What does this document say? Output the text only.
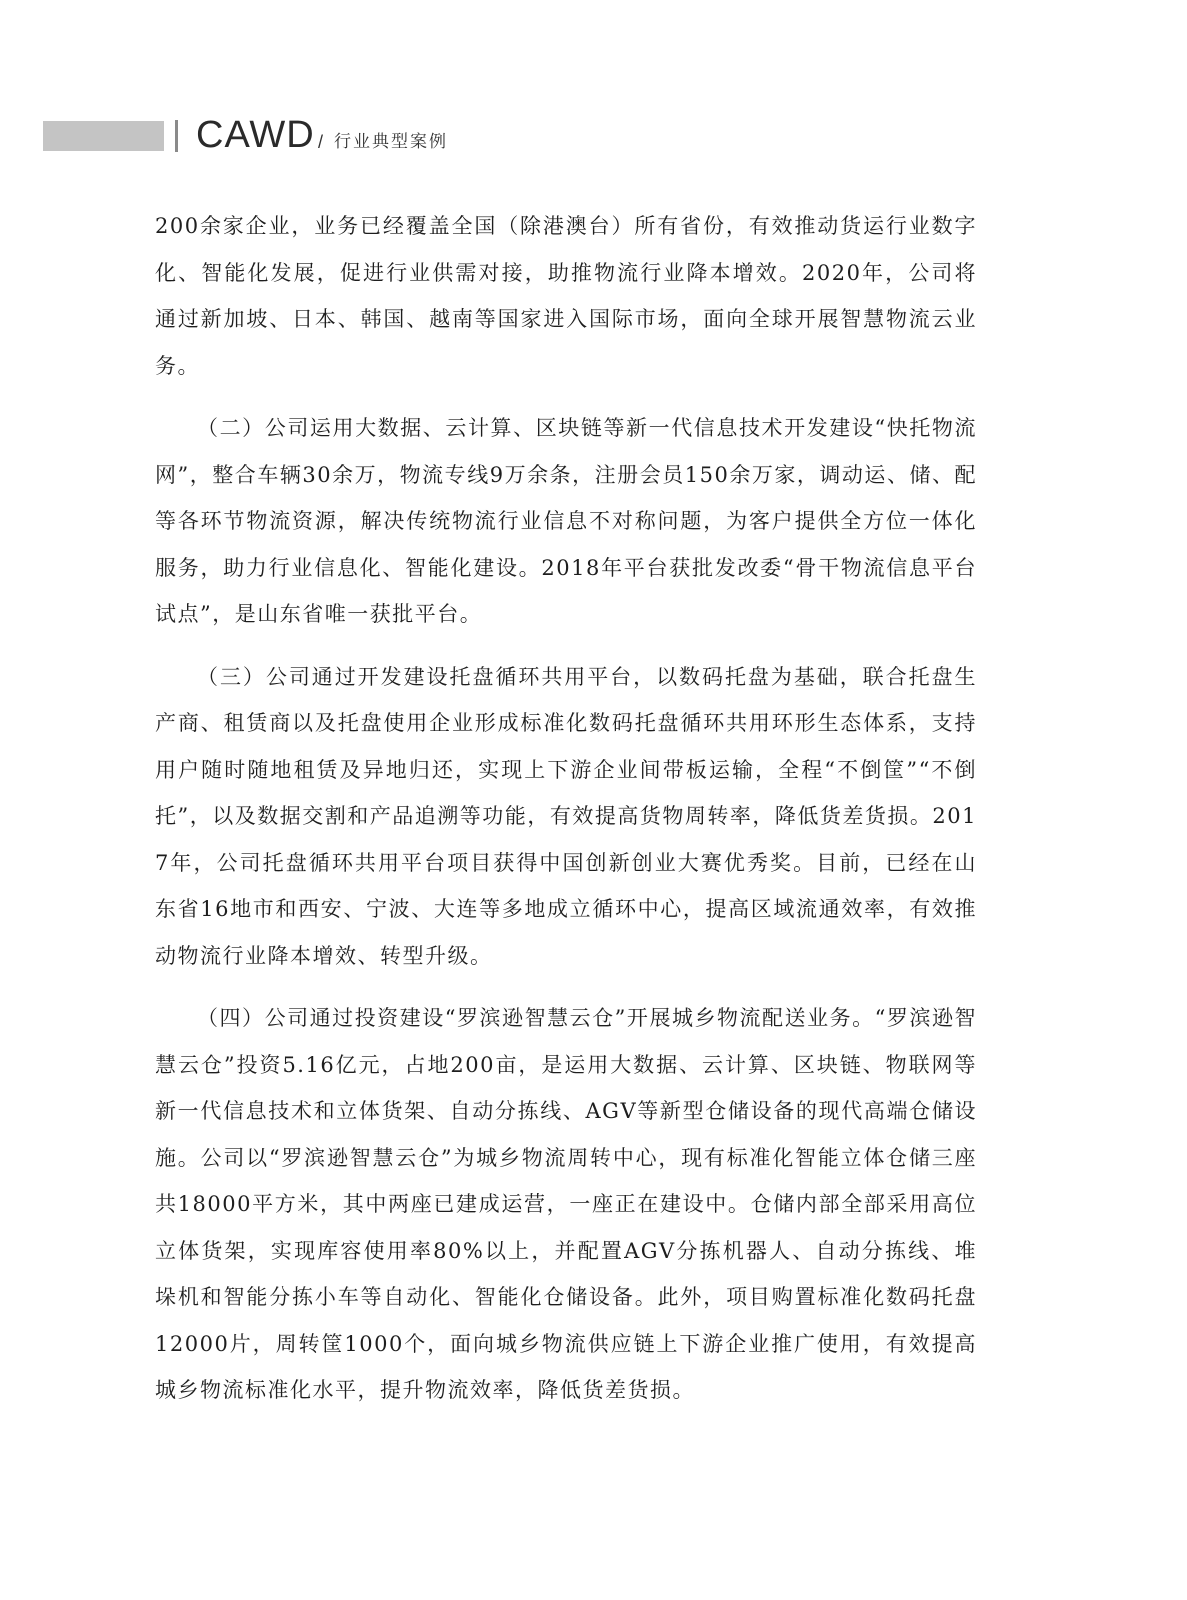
CAWD / 行业典型案例

200余家企业，业务已经覆盖全国（除港澳台）所有省份，有效推动货运行业数字化、智能化发展，促进行业供需对接，助推物流行业降本增效。2020年，公司将通过新加坡、日本、韩国、越南等国家进入国际市场，面向全球开展智慧物流云业务。

（二）公司运用大数据、云计算、区块链等新一代信息技术开发建设“快托物流网”，整合车辆30余万，物流专线9万余条，注册会员150余万家，调动运、储、配等各环节物流资源，解决传统物流行业信息不对称问题，为客户提供全方位一体化服务，助力行业信息化、智能化建设。2018年平台获批发改委“骨干物流信息平台试点”，是山东省唯一获批平台。

（三）公司通过开发建设托盘循环共用平台，以数码托盘为基础，联合托盘生产商、租赁商以及托盘使用企业形成标准化数码托盘循环共用环形生态体系，支持用户随时随地租赁及异地归还，实现上下游企业间带板运输，全程“不倒筐”“不倒托”，以及数据交割和产品追溯等功能，有效提高货物周转率，降低货差货损。2017年，公司托盘循环共用平台项目获得中国创新创业大赛优秀奖。目前，已经在山东省16地市和西安、宁波、大连等多地成立循环中心，提高区域流通效率，有效推动物流行业降本增效、转型升级。

（四）公司通过投资建设“罗滨逊智慧云仓”开展城乡物流配送业务。“罗滨逊智慧云仓”投资5.16亿元，占地200亩，是运用大数据、云计算、区块链、物联网等新一代信息技术和立体货架、自动分拣线、AGV等新型仓储设备的现代高端仓储设施。公司以“罗滨逊智慧云仓”为城乡物流周转中心，现有标准化智能立体仓储三座共18000平方米，其中两座已建成运营，一座正在建设中。仓储内部全部采用高位立体货架，实现库容使用率80%以上，并配置AGV分拣机器人、自动分拣线、堆垛机和智能分拣小车等自动化、智能化仓储设备。此外，项目购置标准化数码托盘12000片，周转筐1000个，面向城乡物流供应链上下游企业推广使用，有效提高城乡物流标准化水平，提升物流效率，降低货差货损。
